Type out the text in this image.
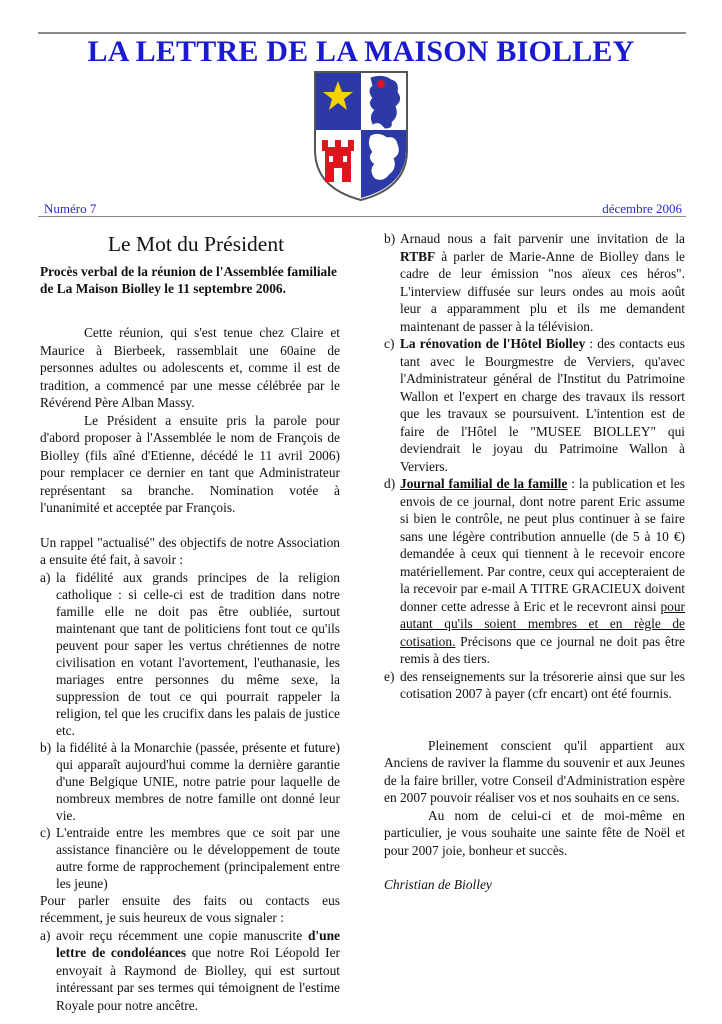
LA LETTRE DE LA MAISON BIOLLEY
Numéro 7	décembre 2006
Le Mot du Président
Procès verbal de la réunion de l'Assemblée familiale de La Maison Biolley le 11 septembre 2006.

Cette réunion, qui s'est tenue chez Claire et Maurice à Bierbeek, rassemblait une 60aine de personnes adultes ou adolescents et, comme il est de tradition, a commencé par une messe célébrée par le Révérend Père Alban Massy.

Le Président a ensuite pris la parole pour d'abord proposer à l'Assemblée le nom de François de Biolley (fils aîné d'Etienne, décédé le 11 avril 2006) pour remplacer ce dernier en tant que Administrateur représentant sa branche. Nomination votée à l'unanimité et acceptée par François.

Un rappel "actualisé" des objectifs de notre Association a ensuite été fait, à savoir :

a) la fidélité aux grands principes de la religion catholique : si celle-ci est de tradition dans notre famille elle ne doit pas être oubliée, surtout maintenant que tant de politiciens font tout ce qu'ils peuvent pour saper les vertus chrétiennes de notre civilisation en votant l'avortement, l'euthanasie, les mariages entre personnes du même sexe, la suppression de tout ce qui pourrait rappeler la religion, tel que les crucifix dans les palais de justice etc.
b) la fidélité à la Monarchie (passée, présente et future) qui apparaît aujourd'hui comme la dernière garantie d'une Belgique UNIE, notre patrie pour laquelle de nombreux membres de notre famille ont donné leur vie.
c) L'entraide entre les membres que ce soit par une assistance financière ou le développement de toute autre forme de rapprochement (principalement entre les jeune)

Pour parler ensuite des faits ou contacts eus récemment, je suis heureux de vous signaler :

a) avoir reçu récemment une copie manuscrite d'une lettre de condoléances que notre Roi Léopold Ier envoyait à Raymond de Biolley, qui est surtout intéressant par ses termes qui témoignent de l'estime Royale pour notre ancêtre.
b) Arnaud nous a fait parvenir une invitation de la RTBF à parler de Marie-Anne de Biolley dans le cadre de leur émission "nos aïeux ces héros". L'interview diffusée sur leurs ondes au mois août leur a apparamment plu et ils me demandent maintenant de passer à la télévision.
c) La rénovation de l'Hôtel Biolley : des contacts eus tant avec le Bourgmestre de Verviers, qu'avec l'Administrateur général de l'Institut du Patrimoine Wallon et l'expert en charge des travaux ils ressort que les travaux se poursuivent. L'intention est de faire de l'Hôtel le "MUSEE BIOLLEY" qui deviendrait le joyau du Patrimoine Wallon à Verviers.
d) Journal familial de la famille : la publication et les envois de ce journal, dont notre parent Eric assume si bien le contrôle, ne peut plus continuer à se faire sans une légère contribution annuelle (de 5 à 10 €) demandée à ceux qui tiennent à le recevoir encore matériellement. Par contre, ceux qui accepteraient de la recevoir par e-mail A TITRE GRACIEUX doivent donner cette adresse à Eric et le recevront ainsi pour autant qu'ils soient membres et en règle de cotisation. Précisons que ce journal ne doit pas être remis à des tiers.
e) des renseignements sur la trésorerie ainsi que sur les cotisation 2007 à payer (cfr encart) ont été fournis.

Pleinement conscient qu'il appartient aux Anciens de raviver la flamme du souvenir et aux Jeunes de la faire briller, votre Conseil d'Administration espère en 2007 pouvoir réaliser vos et nos souhaits en ce sens.

Au nom de celui-ci et de moi-même en particulier, je vous souhaite une sainte fête de Noël et pour 2007 joie, bonheur et succès.

Christian de Biolley
